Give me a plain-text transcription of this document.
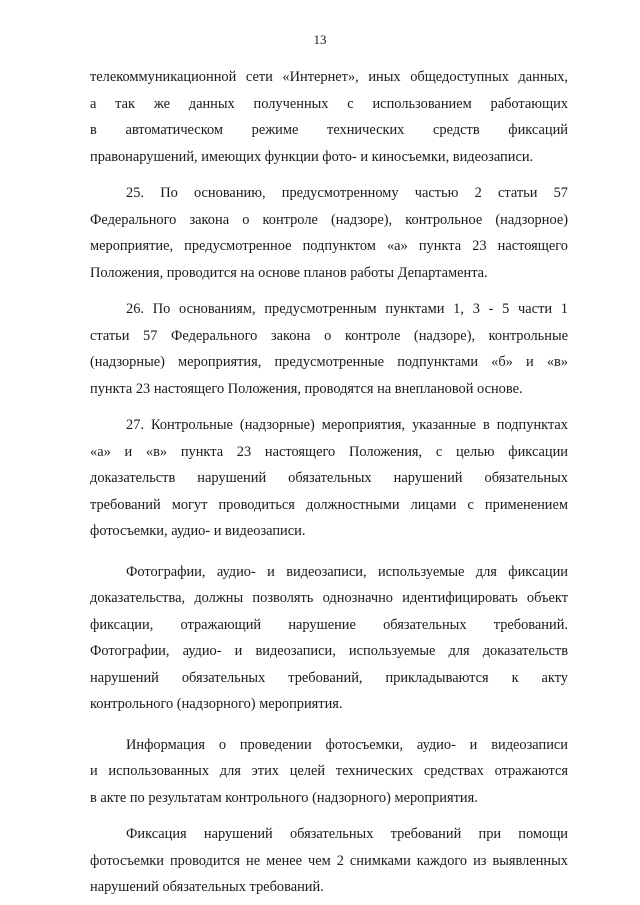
13

телекоммуникационной сети «Интернет», иных общедоступных данных,
а так же данных полученных с использованием работающих
в автоматическом режиме технических средств фиксаций
правонарушений, имеющих функции фото- и киносъемки, видеозаписи.

25. По основанию, предусмотренному частью 2 статьи 57
Федерального закона о контроле (надзоре), контрольное (надзорное)
мероприятие, предусмотренное подпунктом «а» пункта 23 настоящего
Положения, проводится на основе планов работы Департамента.

26. По основаниям, предусмотренным пунктами 1, 3 - 5 части 1
статьи 57 Федерального закона о контроле (надзоре), контрольные
(надзорные) мероприятия, предусмотренные подпунктами «б» и «в»
пункта 23 настоящего Положения, проводятся на внеплановой основе.

27. Контрольные (надзорные) мероприятия, указанные в подпунктах
«а» и «в» пункта 23 настоящего Положения, с целью фиксации
доказательств нарушений обязательных нарушений обязательных
требований могут проводиться должностными лицами с применением
фотосъемки, аудио- и видеозаписи.

Фотографии, аудио- и видеозаписи, используемые для фиксации
доказательства, должны позволять однозначно идентифицировать объект
фиксации, отражающий нарушение обязательных требований.
Фотографии, аудио- и видеозаписи, используемые для доказательств
нарушений обязательных требований, прикладываются к акту
контрольного (надзорного) мероприятия.

Информация о проведении фотосъемки, аудио- и видеозаписи
и использованных для этих целей технических средствах отражаются
в акте по результатам контрольного (надзорного) мероприятия.

Фиксация нарушений обязательных требований при помощи
фотосъемки проводится не менее чем 2 снимками каждого из выявленных
нарушений обязательных требований.
